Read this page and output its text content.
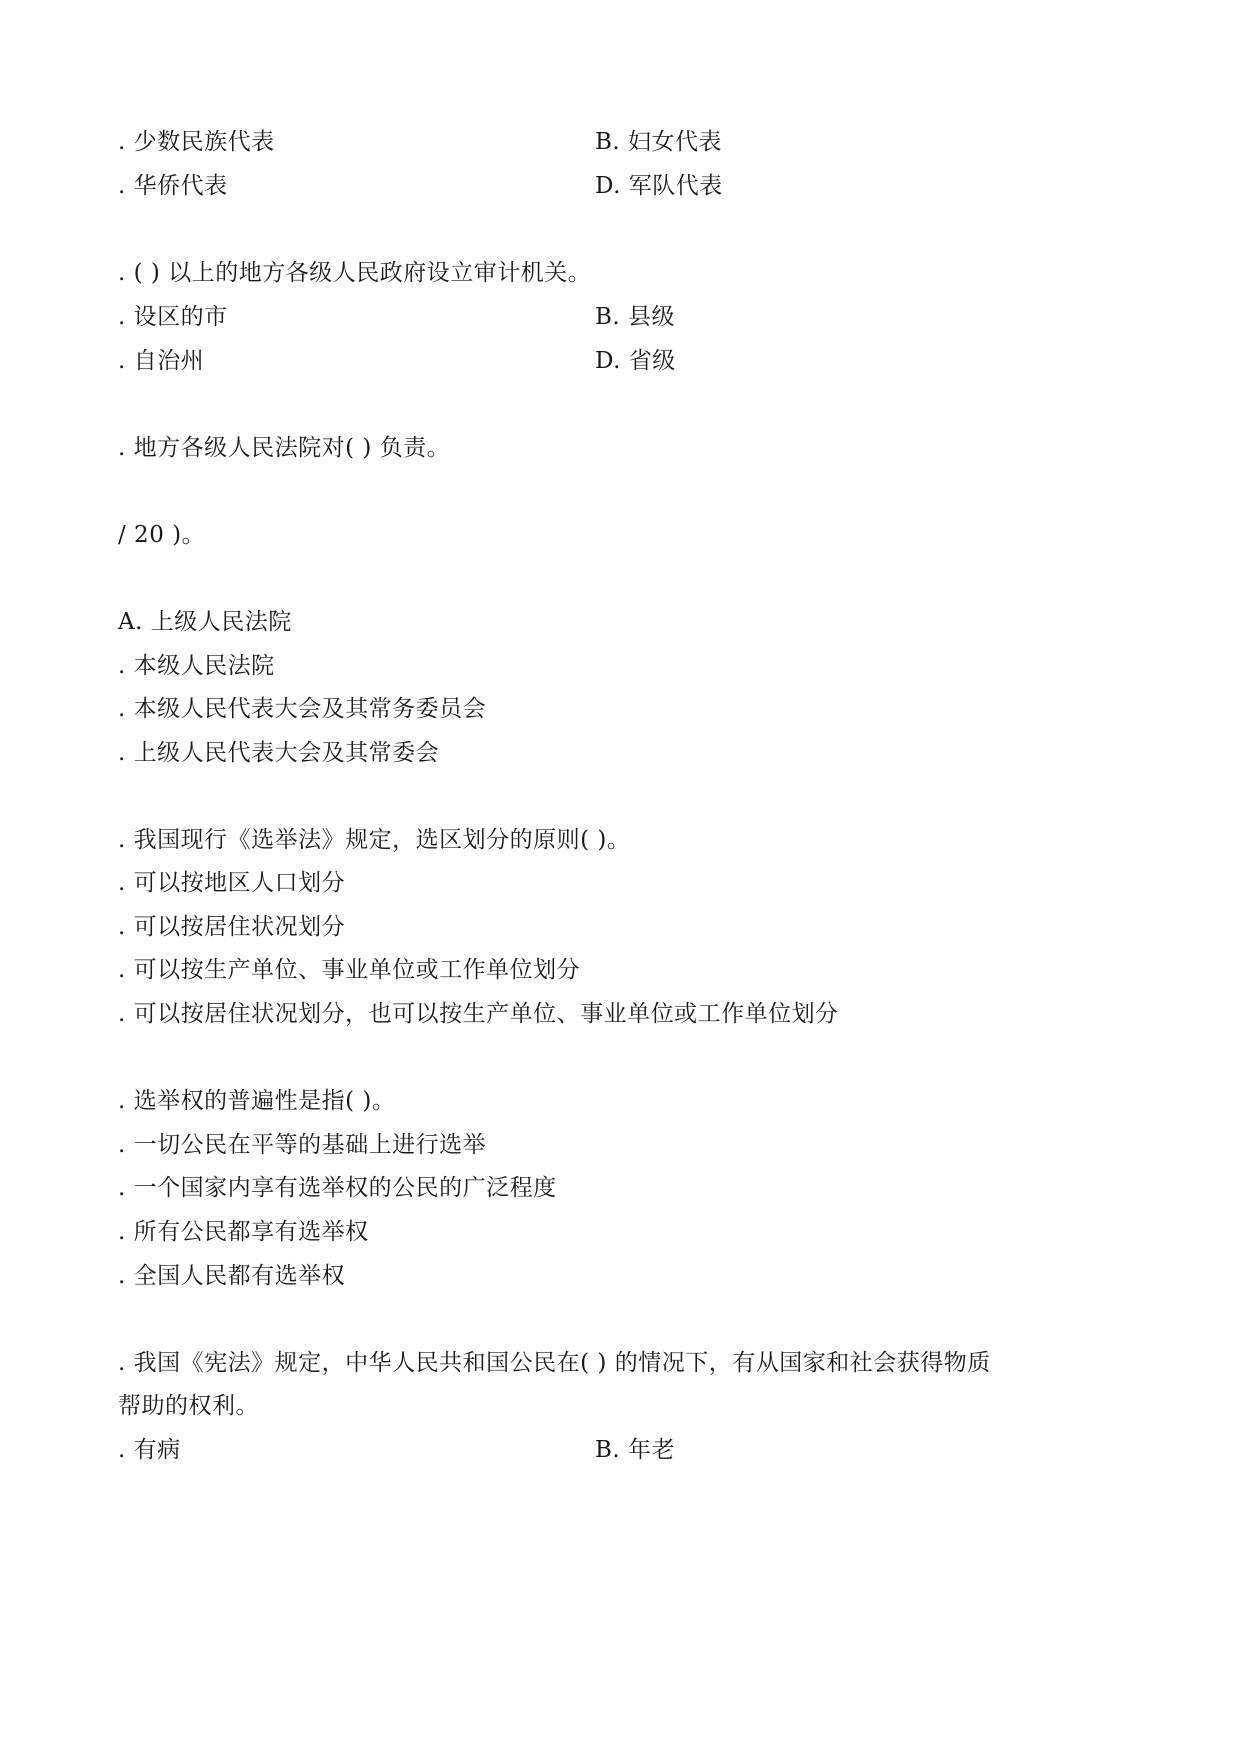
. 少数民族代表	B. 妇女代表
. 华侨代表	D. 军队代表
. ( ) 以上的地方各级人民政府设立审计机关。
. 设区的市	B. 县级
. 自治州	D. 省级
. 地方各级人民法院对( ) 负责。
/ 20 )。
A. 上级人民法院
. 本级人民法院
. 本级人民代表大会及其常务委员会
. 上级人民代表大会及其常委会
. 我国现行《选举法》规定，选区划分的原则( )。
. 可以按地区人口划分
. 可以按居住状况划分
. 可以按生产单位、事业单位或工作单位划分
. 可以按居住状况划分，也可以按生产单位、事业单位或工作单位划分
. 选举权的普遍性是指( )。
. 一切公民在平等的基础上进行选举
. 一个国家内享有选举权的公民的广泛程度
. 所有公民都享有选举权
. 全国人民都有选举权
. 我国《宪法》规定，中华人民共和国公民在( ) 的情况下，有从国家和社会获得物质
帮助的权利。
. 有病	B. 年老
